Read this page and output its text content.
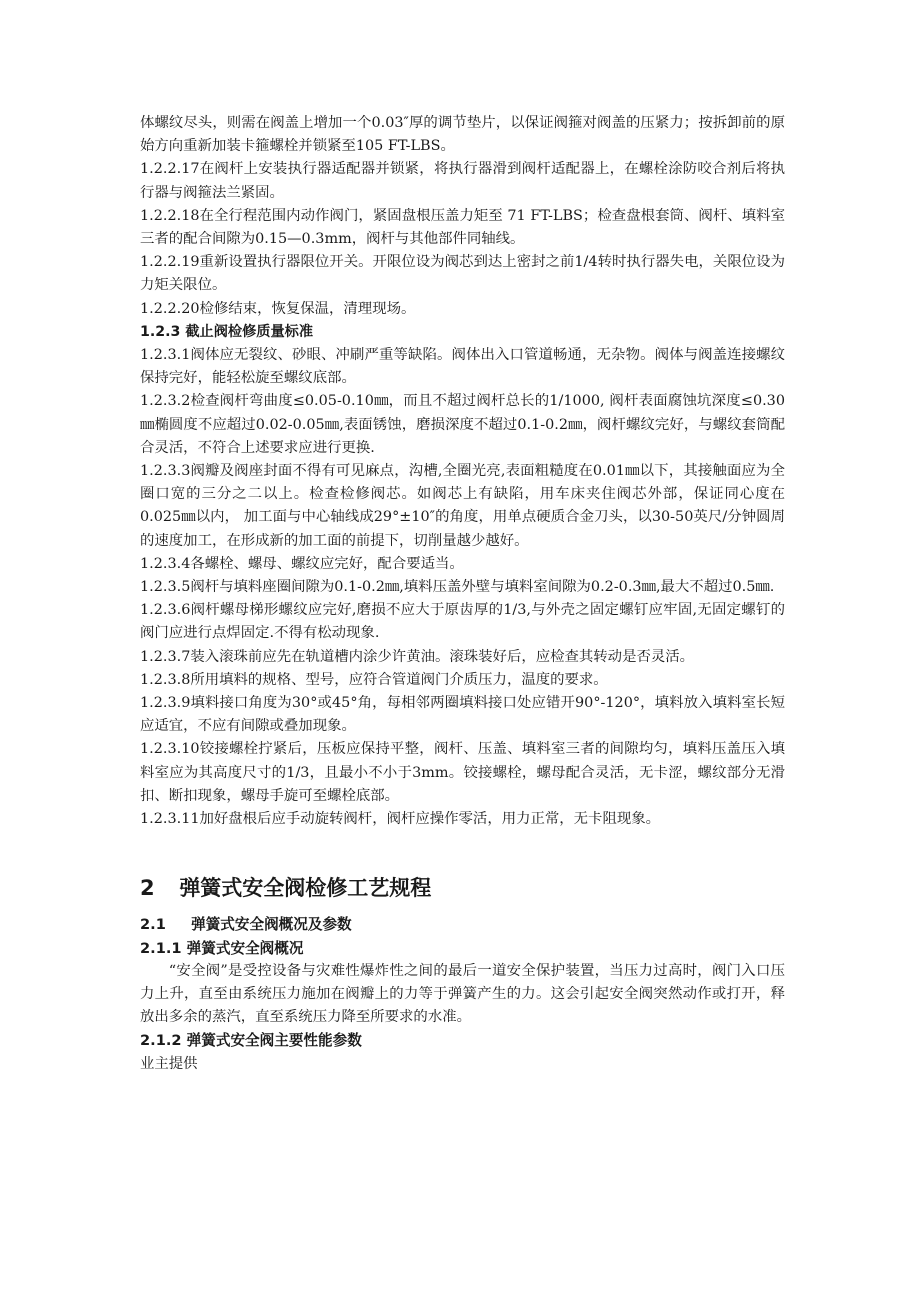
体螺纹尽头，则需在阀盖上增加一个0.03″厚的调节垫片，以保证阀箍对阀盖的压紧力；按拆卸前的原始方向重新加装卡箍螺栓并锁紧至105 FT-LBS。

1.2.2.17在阀杆上安装执行器适配器并锁紧，将执行器滑到阀杆适配器上，在螺栓涂防咬合剂后将执行器与阀箍法兰紧固。

1.2.2.18在全行程范围内动作阀门，紧固盘根压盖力矩至 71 FT-LBS；检查盘根套筒、阀杆、填料室三者的配合间隙为0.15—0.3mm，阀杆与其他部件同轴线。

1.2.2.19重新设置执行器限位开关。开限位设为阀芯到达上密封之前1/4转时执行器失电，关限位设为力矩关限位。

1.2.2.20检修结束，恢复保温，清理现场。

1.2.3 截止阀检修质量标准

1.2.3.1阀体应无裂纹、砂眼、冲刷严重等缺陷。阀体出入口管道畅通，无杂物。阀体与阀盖连接螺纹保持完好，能轻松旋至螺纹底部。

1.2.3.2检查阀杆弯曲度≤0.05-0.10㎜，而且不超过阀杆总长的1/1000, 阀杆表面腐蚀坑深度≤0.30㎜椭圆度不应超过0.02-0.05㎜,表面锈蚀，磨损深度不超过0.1-0.2㎜，阀杆螺纹完好，与螺纹套筒配合灵活，不符合上述要求应进行更换.

1.2.3.3阀瓣及阀座封面不得有可见麻点，沟槽,全圈光亮,表面粗糙度在0.01㎜以下，其接触面应为全圈口宽的三分之二以上。检查检修阀芯。如阀芯上有缺陷，用车床夹住阀芯外部，保证同心度在0.025㎜以内， 加工面与中心轴线成29°±10″的角度，用单点硬质合金刀头，以30-50英尺/分钟圆周的速度加工，在形成新的加工面的前提下，切削量越少越好。

1.2.3.4各螺栓、螺母、螺纹应完好，配合要适当。

1.2.3.5阀杆与填料座圈间隙为0.1-0.2㎜,填料压盖外壁与填料室间隙为0.2-0.3㎜,最大不超过0.5㎜.

1.2.3.6阀杆螺母梯形螺纹应完好,磨损不应大于原齿厚的1/3,与外壳之固定螺钉应牢固,无固定螺钉的阀门应进行点焊固定.不得有松动现象.

1.2.3.7装入滚珠前应先在轨道槽内涂少许黄油。滚珠装好后，应检查其转动是否灵活。

1.2.3.8所用填料的规格、型号，应符合管道阀门介质压力，温度的要求。

1.2.3.9填料接口角度为30°或45°角，每相邻两圈填料接口处应错开90°-120°，填料放入填料室长短应适宜，不应有间隙或叠加现象。

1.2.3.10铰接螺栓拧紧后，压板应保持平整，阀杆、压盖、填料室三者的间隙均匀，填料压盖压入填料室应为其高度尺寸的1/3，且最小不小于3mm。铰接螺栓，螺母配合灵活，无卡涩，螺纹部分无滑扣、断扣现象，螺母手旋可至螺栓底部。

1.2.3.11加好盘根后应手动旋转阀杆，阀杆应操作零活，用力正常，无卡阻现象。

2 弹簧式安全阀检修工艺规程
2.1 弹簧式安全阀概况及参数
2.1.1 弹簧式安全阀概况

“安全阀”是受控设备与灾难性爆炸性之间的最后一道安全保护装置，当压力过高时，阀门入口压力上升，直至由系统压力施加在阀瓣上的力等于弹簧产生的力。这会引起安全阀突然动作或打开，释放出多余的蒸汽，直至系统压力降至所要求的水准。

2.1.2 弹簧式安全阀主要性能参数

业主提供
